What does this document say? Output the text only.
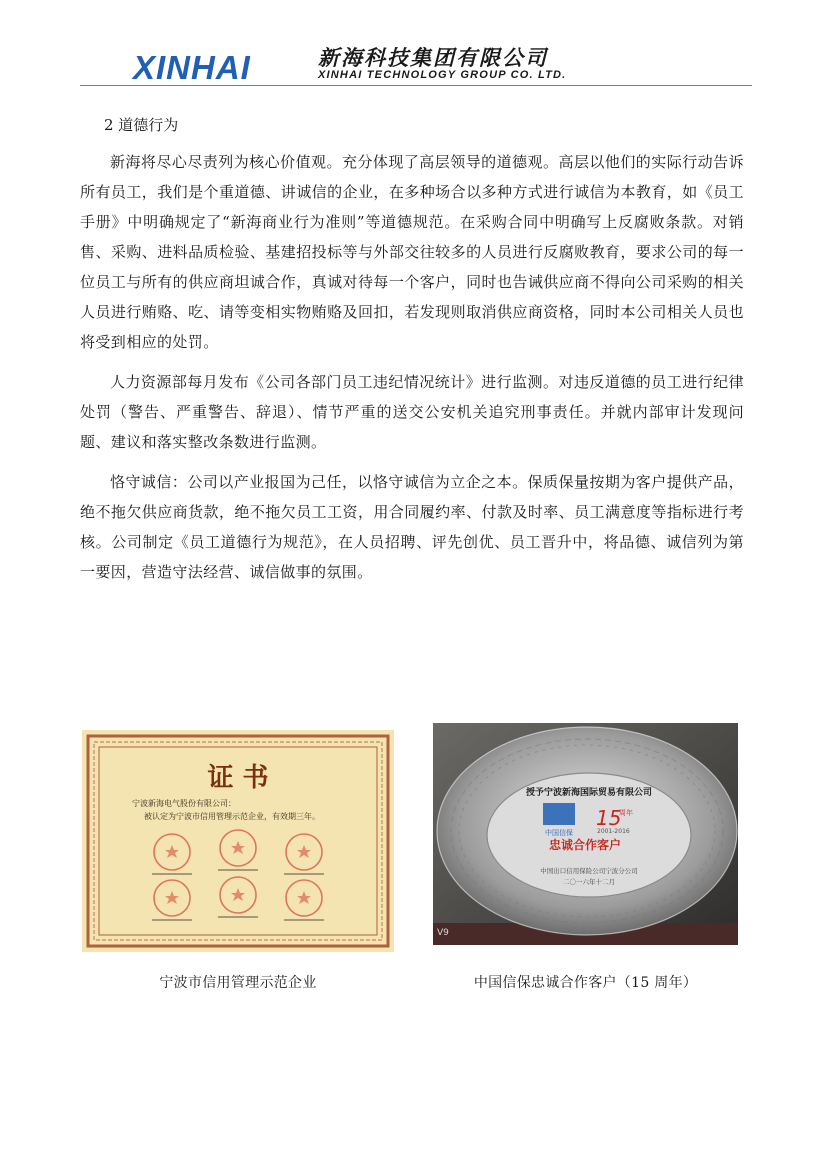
XINHAI	新海科技集团有限公司
XINHAI TECHNOLOGY GROUP CO. LTD.
2 道德行为

新海将尽心尽责列为核心价值观。充分体现了高层领导的道德观。高层以他们的实际行动告诉所有员工，我们是个重道德、讲诚信的企业，在多种场合以多种方式进行诚信为本教育，如《员工手册》中明确规定了“新海商业行为准则”等道德规范。在采购合同中明确写上反腐败条款。对销售、采购、进料品质检验、基建招投标等与外部交往较多的人员进行反腐败教育，要求公司的每一位员工与所有的供应商坦诚合作，真诚对待每一个客户，同时也告诫供应商不得向公司采购的相关人员进行贿赂、吃、请等变相实物贿赂及回扣，若发现则取消供应商资格，同时本公司相关人员也将受到相应的处罚。

人力资源部每月发布《公司各部门员工违纪情况统计》进行监测。对违反道德的员工进行纪律处罚（警告、严重警告、辞退）、情节严重的送交公安机关追究刑事责任。并就内部审计发现问题、建议和落实整改条数进行监测。

恪守诚信：公司以产业报国为己任，以恪守诚信为立企之本。保质保量按期为客户提供产品，绝不拖欠供应商货款，绝不拖欠员工工资，用合同履约率、付款及时率、员工满意度等指标进行考核。公司制定《员工道德行为规范》，在人员招聘、评先创优、员工晋升中，将品德、诚信列为第一要因，营造守法经营、诚信做事的氛围。

证 书
宁波新海电气股份有限公司：
被认定为宁波市信用管理示范企业，有效期三年。
宁波市信用管理示范企业
授予宁波新海国际贸易有限公司
中国信保
15
周年
2001-2016
忠诚合作客户
中国出口信用保险公司宁波分公司
二〇一六年十二月
V9
中国信保忠诚合作客户（15 周年）
